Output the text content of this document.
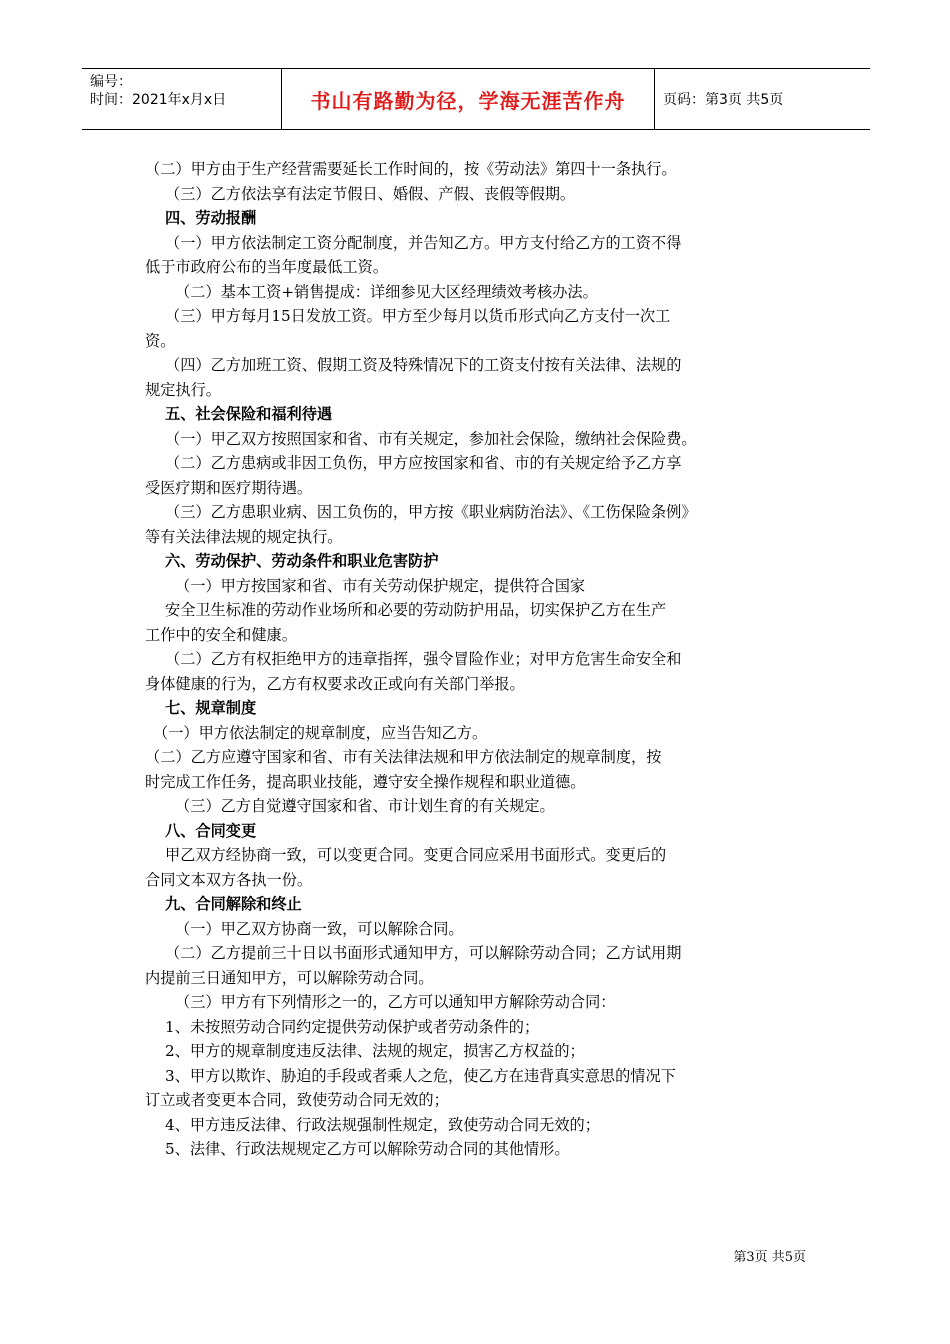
编号：
时间：2021年x月x日	书山有路勤为径，学海无涯苦作舟	页码：第3页 共5页
（二）甲方由于生产经营需要延长工作时间的，按《劳动法》第四十一条执行。
（三）乙方依法享有法定节假日、婚假、产假、丧假等假期。
四、劳动报酬
（一）甲方依法制定工资分配制度，并告知乙方。甲方支付给乙方的工资不得
低于市政府公布的当年度最低工资。
（二）基本工资+销售提成：详细参见大区经理绩效考核办法。
（三）甲方每月15日发放工资。甲方至少每月以货币形式向乙方支付一次工
资。
（四）乙方加班工资、假期工资及特殊情况下的工资支付按有关法律、法规的
规定执行。
五、社会保险和福利待遇
（一）甲乙双方按照国家和省、市有关规定，参加社会保险，缴纳社会保险费。
（二）乙方患病或非因工负伤，甲方应按国家和省、市的有关规定给予乙方享
受医疗期和医疗期待遇。
（三）乙方患职业病、因工负伤的，甲方按《职业病防治法》、《工伤保险条例》
等有关法律法规的规定执行。
六、劳动保护、劳动条件和职业危害防护
（一）甲方按国家和省、市有关劳动保护规定，提供符合国家
安全卫生标准的劳动作业场所和必要的劳动防护用品，切实保护乙方在生产
工作中的安全和健康。
（二）乙方有权拒绝甲方的违章指挥，强令冒险作业；对甲方危害生命安全和
身体健康的行为，乙方有权要求改正或向有关部门举报。
七、规章制度
（一）甲方依法制定的规章制度，应当告知乙方。
（二）乙方应遵守国家和省、市有关法律法规和甲方依法制定的规章制度，按
时完成工作任务，提高职业技能，遵守安全操作规程和职业道德。
（三）乙方自觉遵守国家和省、市计划生育的有关规定。
八、合同变更
甲乙双方经协商一致，可以变更合同。变更合同应采用书面形式。变更后的
合同文本双方各执一份。
九、合同解除和终止
（一）甲乙双方协商一致，可以解除合同。
（二）乙方提前三十日以书面形式通知甲方，可以解除劳动合同；乙方试用期
内提前三日通知甲方，可以解除劳动合同。
（三）甲方有下列情形之一的，乙方可以通知甲方解除劳动合同：
1、未按照劳动合同约定提供劳动保护或者劳动条件的；
2、甲方的规章制度违反法律、法规的规定，损害乙方权益的；
3、甲方以欺诈、胁迫的手段或者乘人之危，使乙方在违背真实意思的情况下
订立或者变更本合同，致使劳动合同无效的；
4、甲方违反法律、行政法规强制性规定，致使劳动合同无效的；
5、法律、行政法规规定乙方可以解除劳动合同的其他情形。
第3页 共5页
